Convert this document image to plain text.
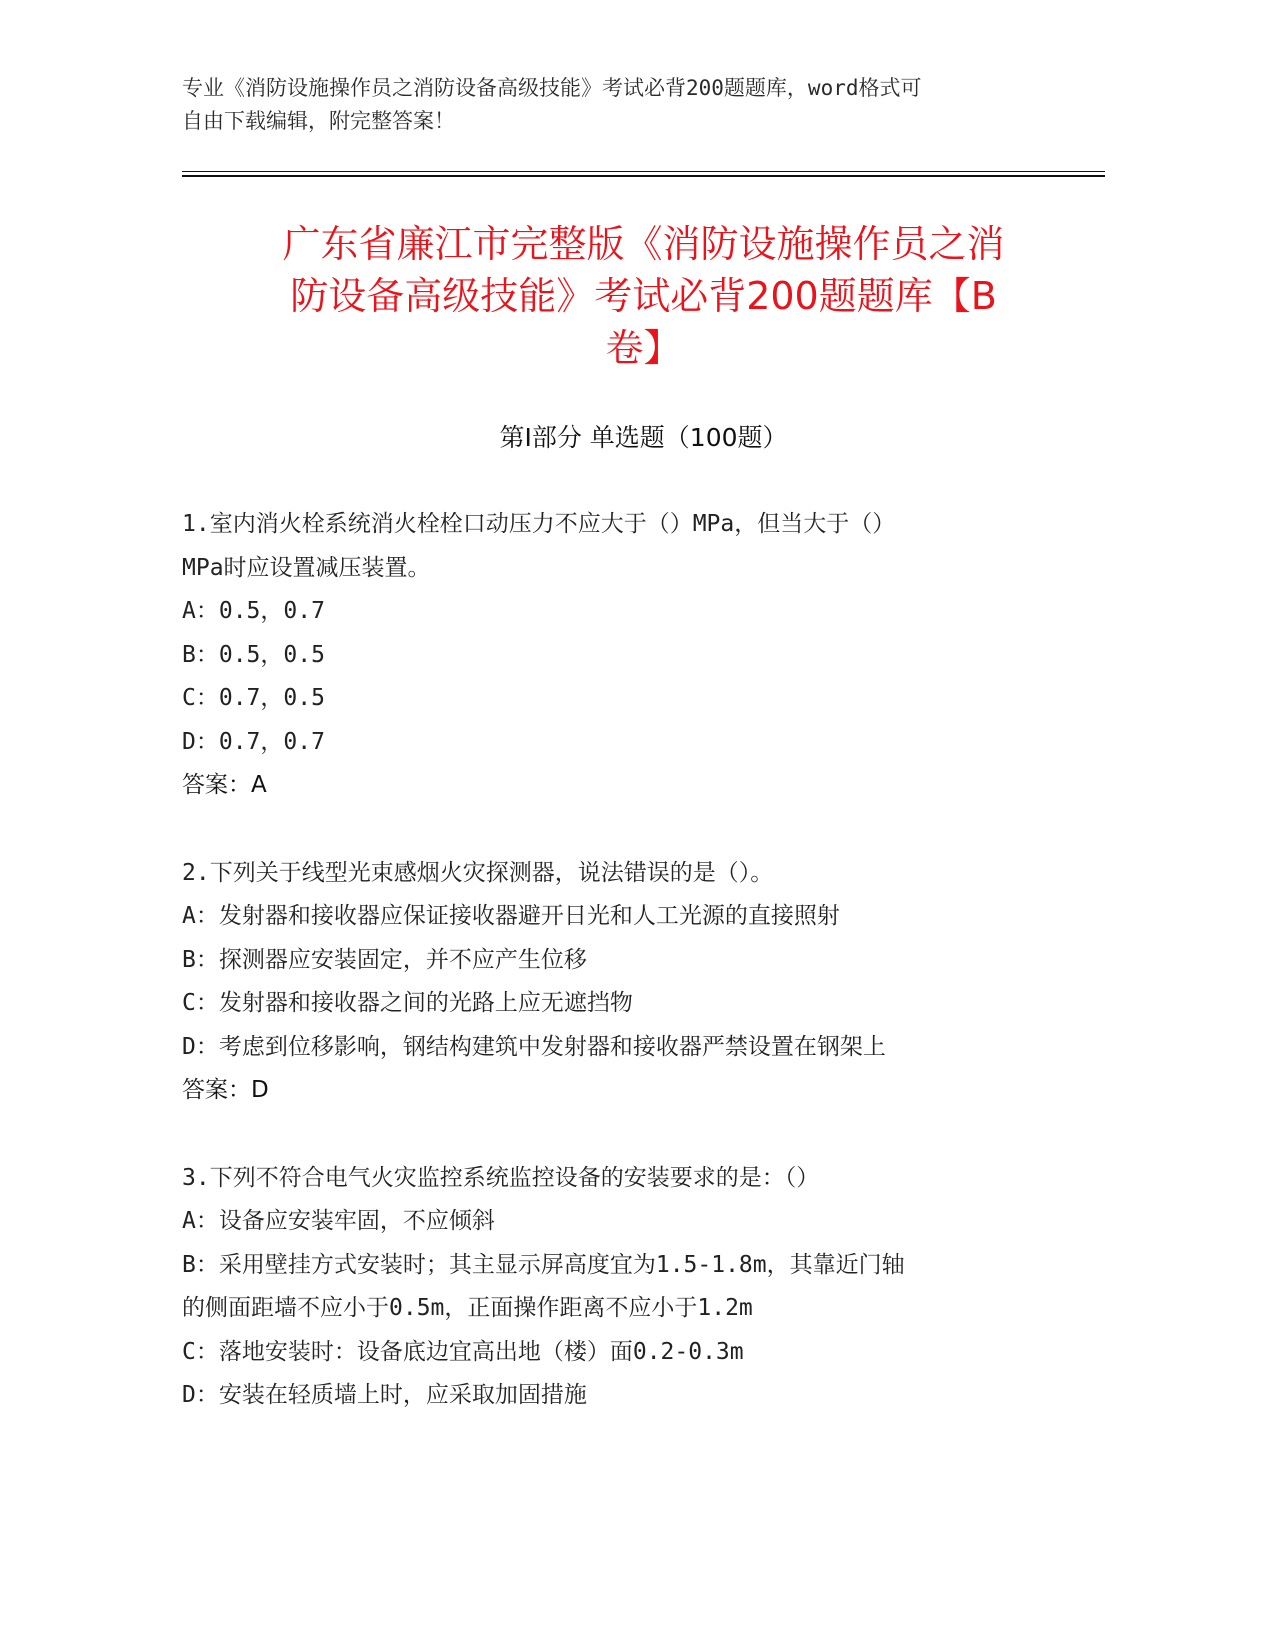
专业《消防设施操作员之消防设备高级技能》考试必背200题题库，word格式可
自由下载编辑，附完整答案！
广东省廉江市完整版《消防设施操作员之消
防设备高级技能》考试必背200题题库【B
卷】
第Ⅰ部分 单选题（100题）
1.室内消火栓系统消火栓栓口动压力不应大于（）MPa，但当大于（）
MPa时应设置减压装置。
A：0.5，0.7
B：0.5，0.5
C：0.7，0.5
D：0.7，0.7
答案：A
2.下列关于线型光束感烟火灾探测器，说法错误的是（）。
A：发射器和接收器应保证接收器避开日光和人工光源的直接照射
B：探测器应安装固定，并不应产生位移
C：发射器和接收器之间的光路上应无遮挡物
D：考虑到位移影响，钢结构建筑中发射器和接收器严禁设置在钢架上
答案：D
3.下列不符合电气火灾监控系统监控设备的安装要求的是：（）
A：设备应安装牢固，不应倾斜
B：采用壁挂方式安装时；其主显示屏高度宜为1.5-1.8m，其靠近门轴
的侧面距墙不应小于0.5m，正面操作距离不应小于1.2m
C：落地安装时：设备底边宜高出地（楼）面0.2-0.3m
D：安装在轻质墙上时，应采取加固措施
